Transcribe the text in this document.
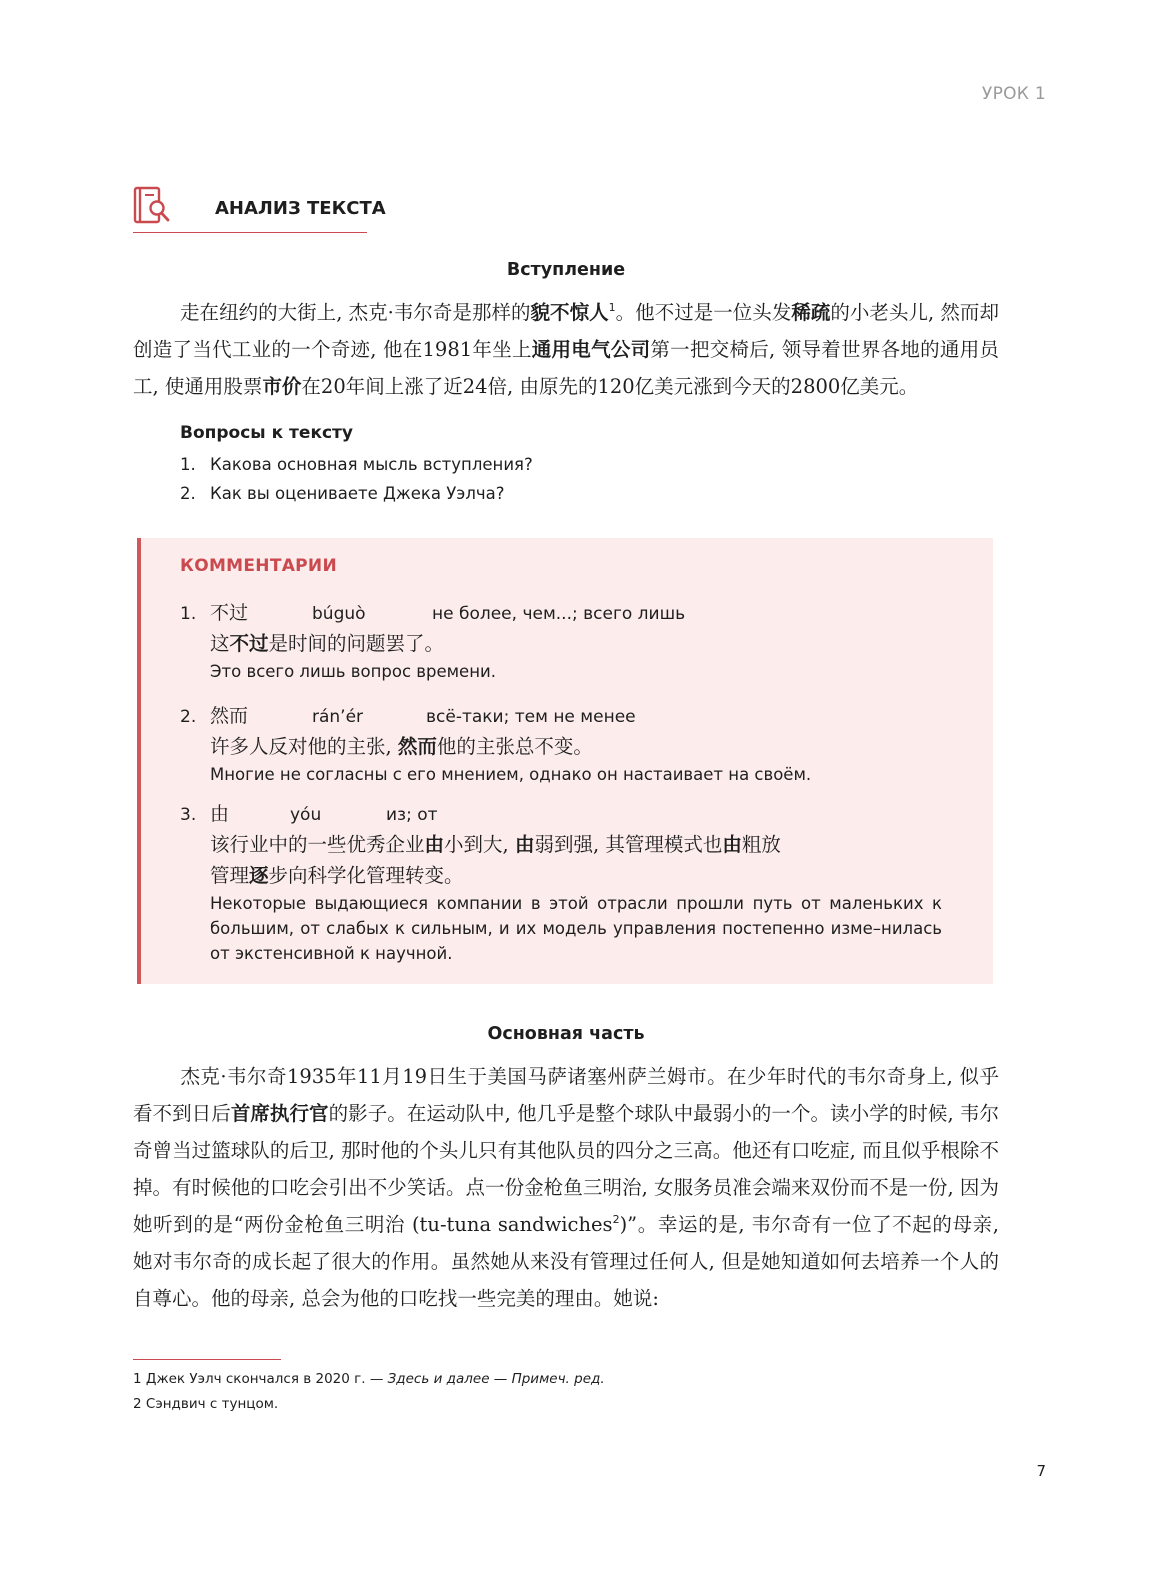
УРОК 1
АНАЛИЗ ТЕКСТА
Вступление

走在纽约的大街上, 杰克·韦尔奇是那样的貌不惊人$^1$。他不过是一位头发稀疏的小老头儿, 然而却创造了当代工业的一个奇迹, 他在1981年坐上通用电气公司第一把交椅后, 领导着世界各地的通用员工, 使通用股票市价在20年间上涨了近24倍, 由原先的120亿美元涨到今天的2800亿美元。

Вопросы к тексту
1. Какова основная мысль вступления?
2. Как вы оцениваете Джека Уэлча?
КОММЕНТАРИИ
1. 不过	búguò	не более, чем...; всего лишь
这不过是时间的问题罢了。
Это всего лишь вопрос времени.
2. 然而	rán’ér	всё-таки; тем не менее
许多人反对他的主张, 然而他的主张总不变。
Многие не согласны с его мнением, однако он настаивает на своём.
3. 由	yóu	из; от
该行业中的一些优秀企业由小到大, 由弱到强, 其管理模式也由粗放
管理逐步向科学化管理转变。
Некоторые выдающиеся компании в этой отрасли прошли путь от маленьких к большим, от слабых к сильным, и их модель управления постепенно изме–нилась от экстенсивной к научной.
Основная часть

杰克·韦尔奇1935年11月19日生于美国马萨诸塞州萨兰姆市。在少年时代的韦尔奇身上, 似乎看不到日后首席执行官的影子。在运动队中, 他几乎是整个球队中最弱小的一个。读小学的时候, 韦尔奇曾当过篮球队的后卫, 那时他的个头儿只有其他队员的四分之三高。他还有口吃症, 而且似乎根除不掉。有时候他的口吃会引出不少笑话。点一份金枪鱼三明治, 女服务员准会端来双份而不是一份, 因为她听到的是“两份金枪鱼三明治 (tu-tuna sandwiches$^2$)”。幸运的是, 韦尔奇有一位了不起的母亲, 她对韦尔奇的成长起了很大的作用。虽然她从来没有管理过任何人, 但是她知道如何去培养一个人的自尊心。他的母亲, 总会为他的口吃找一些完美的理由。她说:

1 Джек Уэлч скончался в 2020 г. — Здесь и далее — Примеч. ред.
2 Сэндвич с тунцом.
7
